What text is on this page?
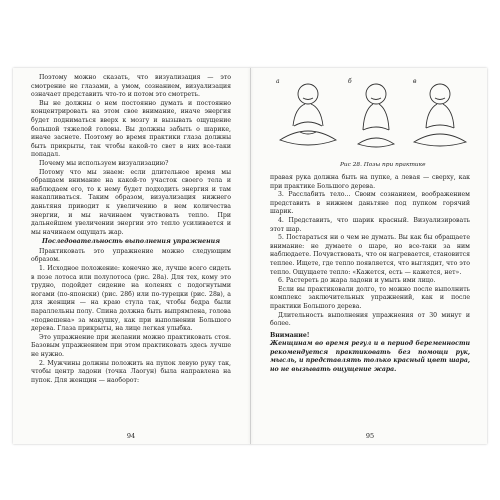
Поэтому можно сказать, что визуализация — это смотрение не глазами, а умом, сознанием, визуализация означает представить что-то и потом это смотреть.

Вы не должны о нем постоянно думать и постоянно концентрировать на этом свое внимание, иначе энергия будет подниматься вверх к мозгу и вызывать ощущение большой тяжелой головы. Вы должны забыть о шарике, иначе заснете. Поэтому во время практики глаза должны быть прикрыты, так чтобы какой-то свет в них все-таки попадал.

Почему мы используем визуализацию?

Потому что мы знаем: если длительное время мы обращаем внимание на какой-то участок своего тела и наблюдаем его, то к нему будет подходить энергия и там накапливаться. Таким образом, визуализация нижнего даньтяня приводит к увеличению в нем количества энергии, и мы начинаем чувствовать тепло. При дальнейшем увеличении энергии это тепло усиливается и мы начинаем ощущать жар.

Последовательность выполнения упражнения

Практиковать это упражнение можно следующим образом.

1. Исходное положение: конечно же, лучше всего сидеть в позе лотоса или полулотоса (рис. 28а). Для тех, кому это трудно, подойдет сидение на коленях с подогнутыми ногами (по-японски) (рис. 28б) или по-турецки (рис. 28в), а для женщин — на краю стула так, чтобы бедра были параллельны полу. Спина должна быть выпрямлена, голова «подвешена» за макушку, как при выполнении Большого дерева. Глаза прикрыты, на лице легкая улыбка.

Это упражнение при желании можно практиковать стоя. Базовым упражнением при этом практиковать здесь лучше не нужно.

2. Мужчины должны положить на пупок левую руку так, чтобы центр ладони (точка Лаогун) была направлена на пупок. Для женщин — наоборот:

94
а	б	в
Рис 28. Позы при практике

правая рука должна быть на пупке, а левая — сверху, как при практике Большого дерева.

3. Расслабить тело... Своим сознанием, воображением представить в нижнем даньтяне под пупком горячий шарик.

4. Представить, что шарик красный. Визуализировать этот шар.

5. Постараться ни о чем не думать. Вы как бы обращаете внимание: не думаете о шаре, но все-таки за ним наблюдаете. Почувствовать, что он нагревается, становится теплее. Ищете, где тепло появляется, что выглядит, что это тепло. Ощущаете тепло: «Кажется, есть — кажется, нет».

6. Растереть до жара ладони и умыть ими лицо.

Если вы практиковали долго, то можно после выполнить комплекс заключительных упражнений, как и после практики Большого дерева.

Длительность выполнения упражнения от 30 минут и более.

Внимание!

Женщинам во время регул и в период беременности рекомендуется практиковать без помощи рук, мысль, и представлять только красный цвет шара, но не вызывать ощущение жара.

95
